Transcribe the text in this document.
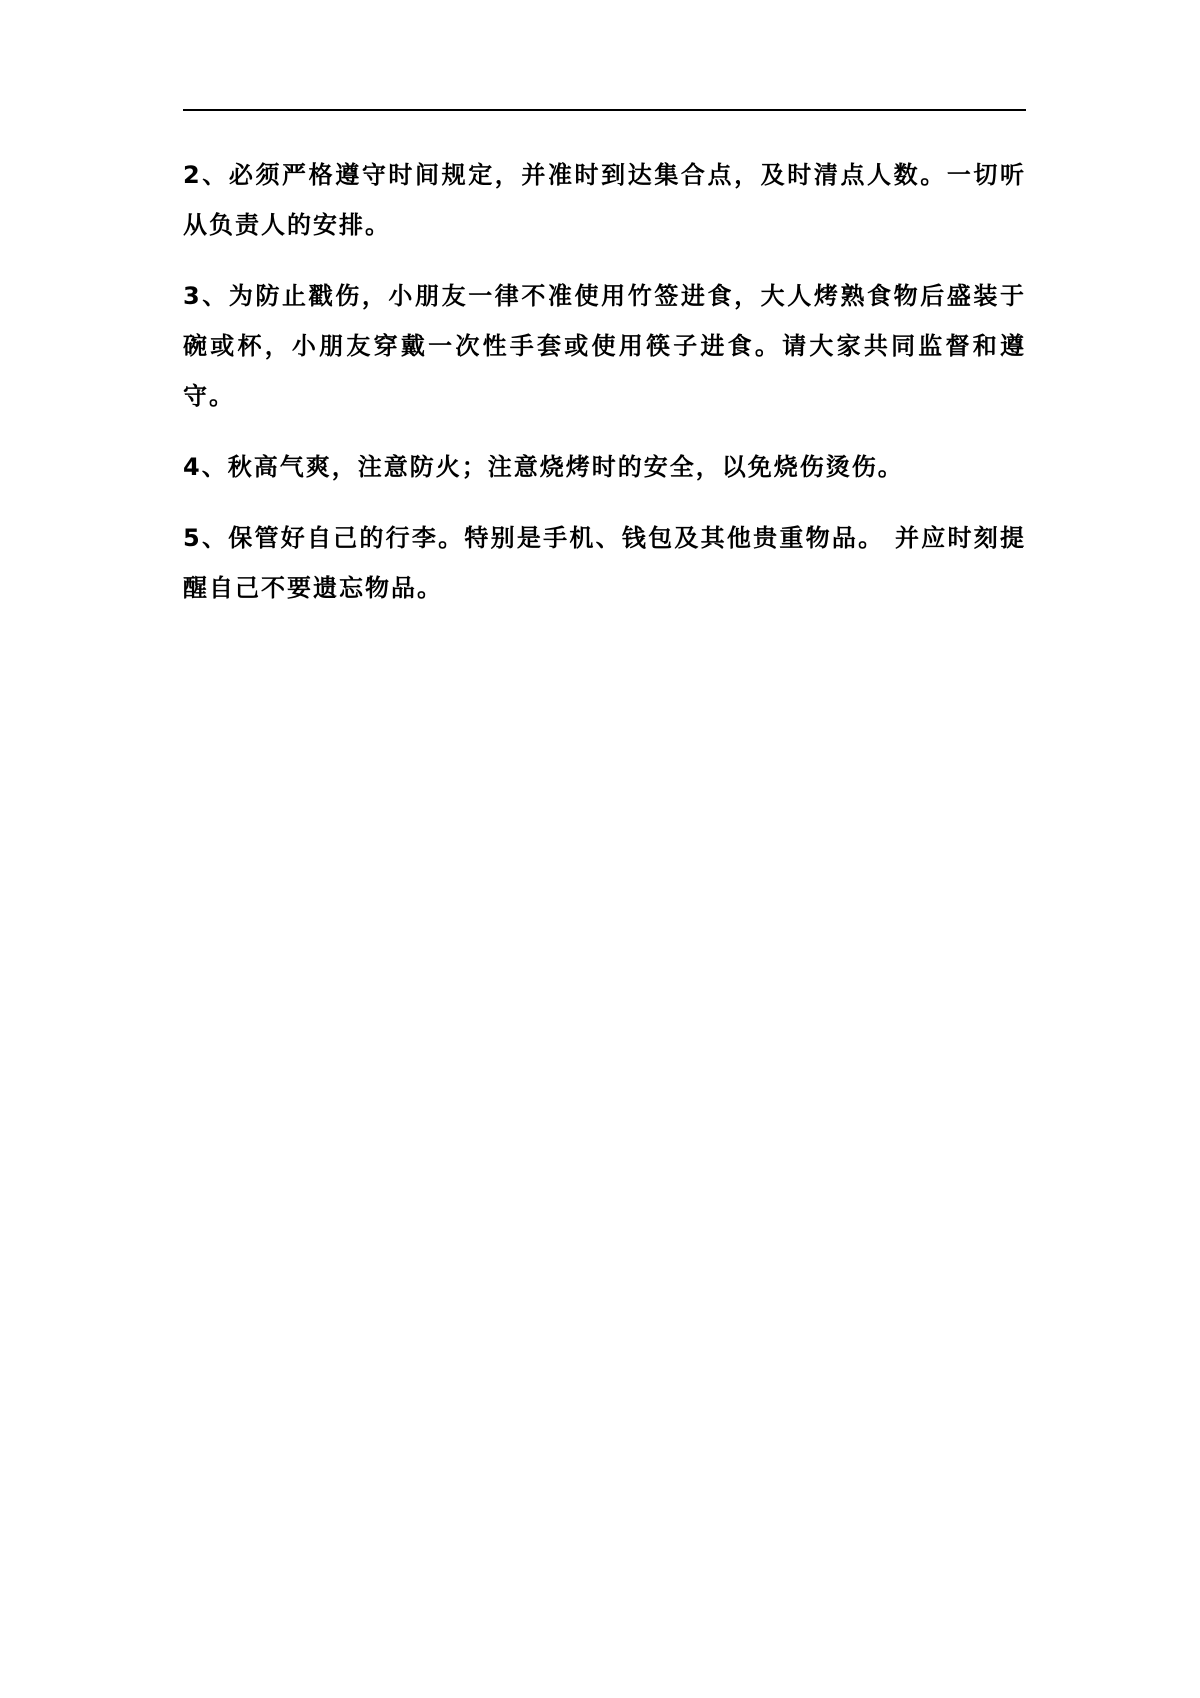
2、必须严格遵守时间规定，并准时到达集合点，及时清点人数。一切听从负责人的安排。

3、为防止戳伤，小朋友一律不准使用竹签进食，大人烤熟食物后盛装于碗或杯，小朋友穿戴一次性手套或使用筷子进食。请大家共同监督和遵守。

4、秋高气爽，注意防火；注意烧烤时的安全，以免烧伤烫伤。

5、保管好自己的行李。特别是手机、钱包及其他贵重物品。 并应时刻提醒自己不要遗忘物品。
